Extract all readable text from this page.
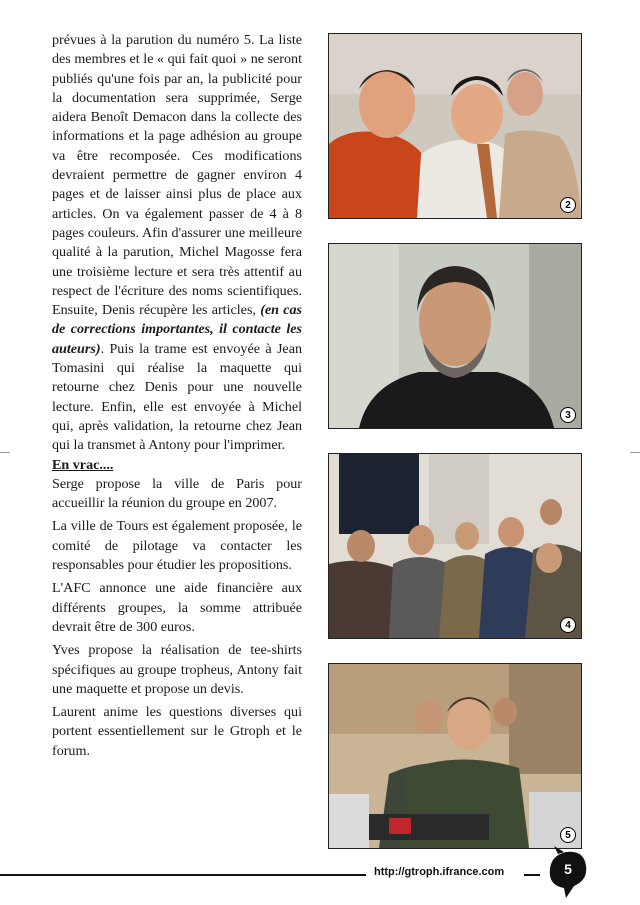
prévues à la parution du numéro 5. La liste des membres et le « qui fait quoi » ne seront publiés qu'une fois par an, la publicité pour la documentation sera supprimée, Serge aidera Benoît Demacon dans la collecte des informations et la page adhésion au groupe va être recomposée. Ces modifications devraient permettre de gagner environ 4 pages et de laisser ainsi plus de place aux articles. On va également passer de 4 à 8 pages couleurs. Afin d'assurer une meilleure qualité à la parution, Michel Magosse fera une troisième lecture et sera très attentif au respect de l'écriture des noms scientifiques. Ensuite, Denis récupère les articles, (en cas de corrections importantes, il contacte les auteurs). Puis la trame est envoyée à Jean Tomasini qui réalise la maquette qui retourne chez Denis pour une nouvelle lecture. Enfin, elle est envoyée à Michel qui, après validation, la retourne chez Jean qui la transmet à Antony pour l'imprimer.

En vrac....

Serge propose la ville de Paris pour accueillir la réunion du groupe en 2007.

La ville de Tours est également proposée, le comité de pilotage va contacter les responsables pour étudier les propositions.

L'AFC annonce une aide financière aux différents groupes, la somme attribuée devrait être de 300 euros.

Yves propose la réalisation de tee-shirts spécifiques au groupe tropheus, Antony fait une maquette et propose un devis.

Laurent anime les questions diverses qui portent essentiellement sur le Gtroph et le forum.

2
3
4
5
http://gtroph.ifrance.com	5
